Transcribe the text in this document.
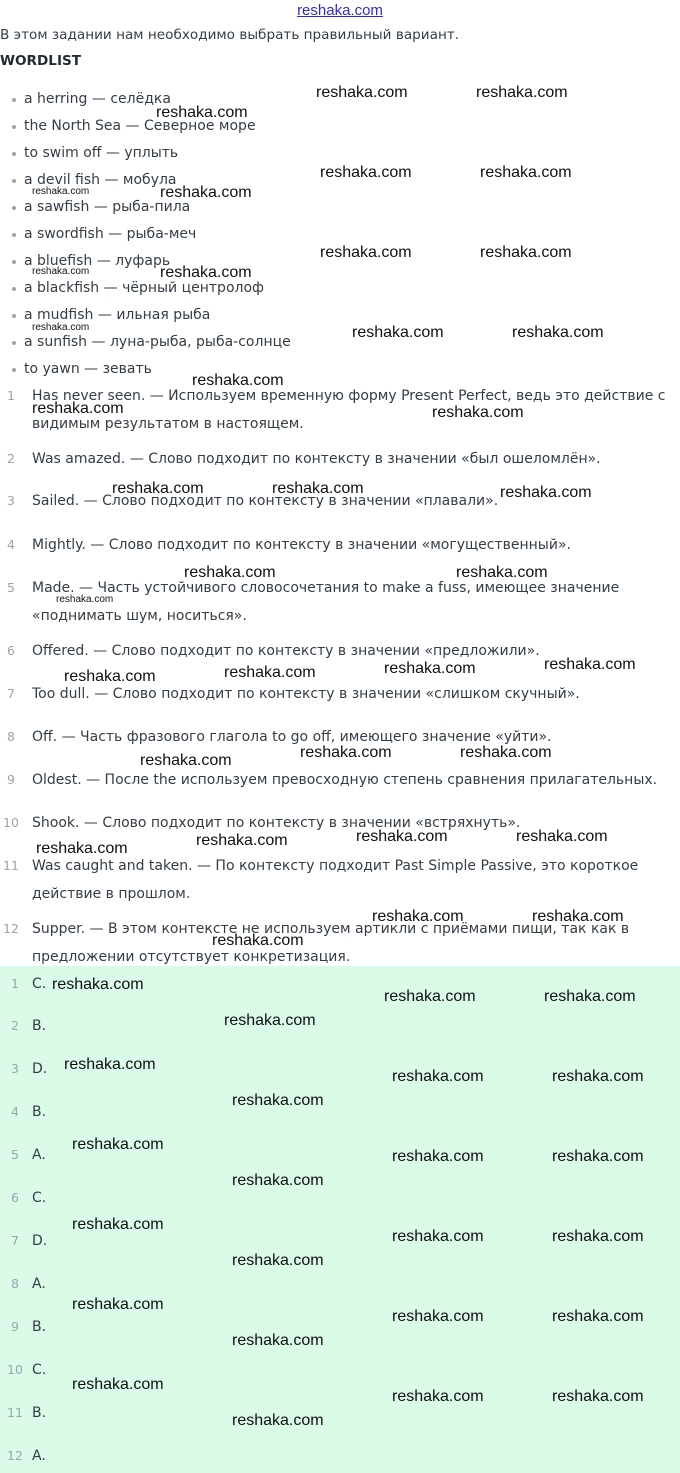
reshaka.com
В этом задании нам необходимо выбрать правильный вариант.
WORDLIST
a herring — селёдка
the North Sea — Северное море
to swim off — уплыть
a devil fish — мобула
a sawfish — рыба-пила
a swordfish — рыба-меч
a bluefish — луфарь
a blackfish — чёрный центролоф
a mudfish — ильная рыба
a sunfish — луна-рыба, рыба-солнце
to yawn — зевать
1	Has never seen. — Используем временную форму Present Perfect, ведь это действие с видимым результатом в настоящем.
2	Was amazed. — Слово подходит по контексту в значении «был ошеломлён».
3	Sailed. — Слово подходит по контексту в значении «плавали».
4	Mightly. — Слово подходит по контексту в значении «могущественный».
5	Made. — Часть устойчивого словосочетания to make a fuss, имеющее значение «поднимать шум, носиться».
6	Offered. — Слово подходит по контексту в значении «предложили».
7	Too dull. — Слово подходит по контексту в значении «слишком скучный».
8	Off. — Часть фразового глагола to go off, имеющего значение «уйти».
9	Oldest. — После the используем превосходную степень сравнения прилагательных.
10 Shook. — Слово подходит по контексту в значении «встряхнуть».
11 Was caught and taken. — По контексту подходит Past Simple Passive, это короткое действие в прошлом.
12 Supper. — В этом контексте не используем артикли с приёмами пищи, так как в предложении отсутствует конкретизация.
1 C.
2 B.
3 D.
4 B.
5 A.
6 C.
7 D.
8 A.
9 B.
10 C.
11 B.
12 A.
reshaka.com	reshaka.com
reshaka.com
reshaka.com	reshaka.com
reshaka.com	reshaka.com
reshaka.com	reshaka.com
reshaka.com	reshaka.com
reshaka.com	reshaka.com	reshaka.com
reshaka.com
reshaka.com	reshaka.com
reshaka.com	reshaka.com	reshaka.com
reshaka.com	reshaka.com
reshaka.com
reshaka.com	reshaka.com	reshaka.com	reshaka.com
reshaka.com	reshaka.com	reshaka.com
reshaka.com	reshaka.com	reshaka.com
reshaka.com
reshaka.com	reshaka.com
reshaka.com
reshaka.com
reshaka.com	reshaka.com
reshaka.com
reshaka.com
reshaka.com	reshaka.com
reshaka.com
reshaka.com
reshaka.com	reshaka.com
reshaka.com
reshaka.com
reshaka.com	reshaka.com
reshaka.com
reshaka.com
reshaka.com	reshaka.com
reshaka.com
reshaka.com
reshaka.com	reshaka.com
reshaka.com
